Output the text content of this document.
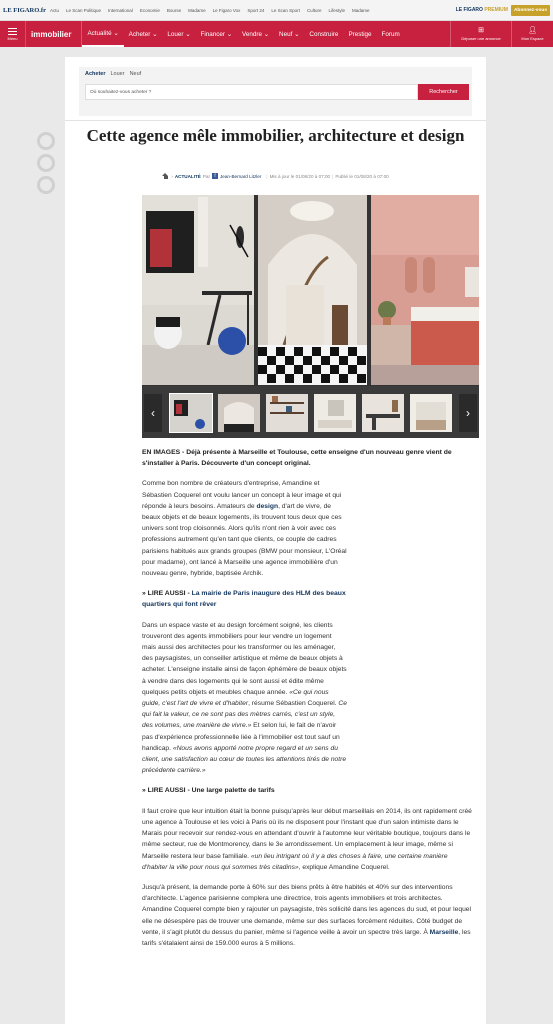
LE FIGARO.fr Actu Le Scan Politique International Economie Bourse Madame Le Figaro Vox Sport 24 Le Scan Sport Culture Lifestyle Madame	LE FIGARO PREMIUM	Abonnez-vous
Menu	immobilier	Actualité
⌄ Acheter
⌄ Louer
⌄ Financer
⌄ Vendre
⌄ Neuf
⌄ Construire Prestige Forum	⊞
Déposer une annonce
👤︎
Mon Espace
Acheter Louer Neuf
Où souhaitez-vous acheter ?	Rechercher
Cette agence mêle immobilier, architecture et design
› ACTUALITÉ Par f Jean-Bernard Litzler | Mis à jour le 01/08/20 à 07:00 | Publié le 01/08/20 à 07:00
‹	›

EN IMAGES - Déjà présente à Marseille et Toulouse, cette enseigne d'un nouveau genre vient de s'installer à Paris. Découverte d'un concept original.

Comme bon nombre de créateurs d'entreprise, Amandine et Sébastien Coquerel ont voulu lancer un concept à leur image et qui réponde à leurs besoins. Amateurs de design, d'art de vivre, de beaux objets et de beaux logements, ils trouvent tous deux que ces univers sont trop cloisonnés. Alors qu'ils n'ont rien à voir avec ces professions autrement qu'en tant que clients, ce couple de cadres parisiens habitués aux grands groupes (BMW pour monsieur, L'Oréal pour madame), ont lancé à Marseille une agence immobilière d'un nouveau genre, hybride, baptisée Archik.

» LIRE AUSSI - La mairie de Paris inaugure des HLM des beaux quartiers qui font rêver

Dans un espace vaste et au design forcément soigné, les clients trouveront des agents immobiliers pour leur vendre un logement mais aussi des architectes pour les transformer ou les aménager, des paysagistes, un conseiller artistique et même de beaux objets à acheter. L'enseigne installe ainsi de façon éphémère de beaux objets à vendre dans des logements qui le sont aussi et édite même quelques petits objets et meubles chaque année. «Ce qui nous guide, c'est l'art de vivre et d'habiter, résume Sébastien Coquerel. Ce qui fait la valeur, ce ne sont pas des mètres carrés, c'est un style, des volumes, une manière de vivre.» Et selon lui, le fait de n'avoir pas d'expérience professionnelle liée à l'immobilier est tout sauf un handicap. «Nous avons apporté notre propre regard et un sens du client, une satisfaction au cœur de toutes les attentions tirés de notre précédente carrière.»

» LIRE AUSSI - Une large palette de tarifs

Il faut croire que leur intuition était la bonne puisqu'après leur début marseillais en 2014, ils ont rapidement créé une agence à Toulouse et les voici à Paris où ils ne disposent pour l'instant que d'un salon intimiste dans le Marais pour recevoir sur rendez-vous en attendant d'ouvrir à l'automne leur véritable boutique, toujours dans le même secteur, rue de Montmorency, dans le 3e arrondissement. Un emplacement à leur image, même si Marseille restera leur base familiale. «un lieu intrigant où il y a des choses à faire, une certaine manière d'habiter la ville pour nous qui sommes très citadins», explique Amandine Coquerel.

Jusqu'à présent, la demande porte à 60% sur des biens prêts à être habités et 40% sur des interventions d'architecte. L'agence parisienne complera une directrice, trois agents immobiliers et trois architectes. Amandine Coquerel compte bien y rajouter un paysagiste, très sollicité dans les agences du sud, et pour lequel elle ne désespère pas de trouver une demande, même sur des surfaces forcément réduites. Côté budget de vente, il s'agit plutôt du dessus du panier, même si l'agence veille à avoir un spectre très large. À Marseille, les tarifs s'étalaient ainsi de 159.000 euros à 5 millions.
